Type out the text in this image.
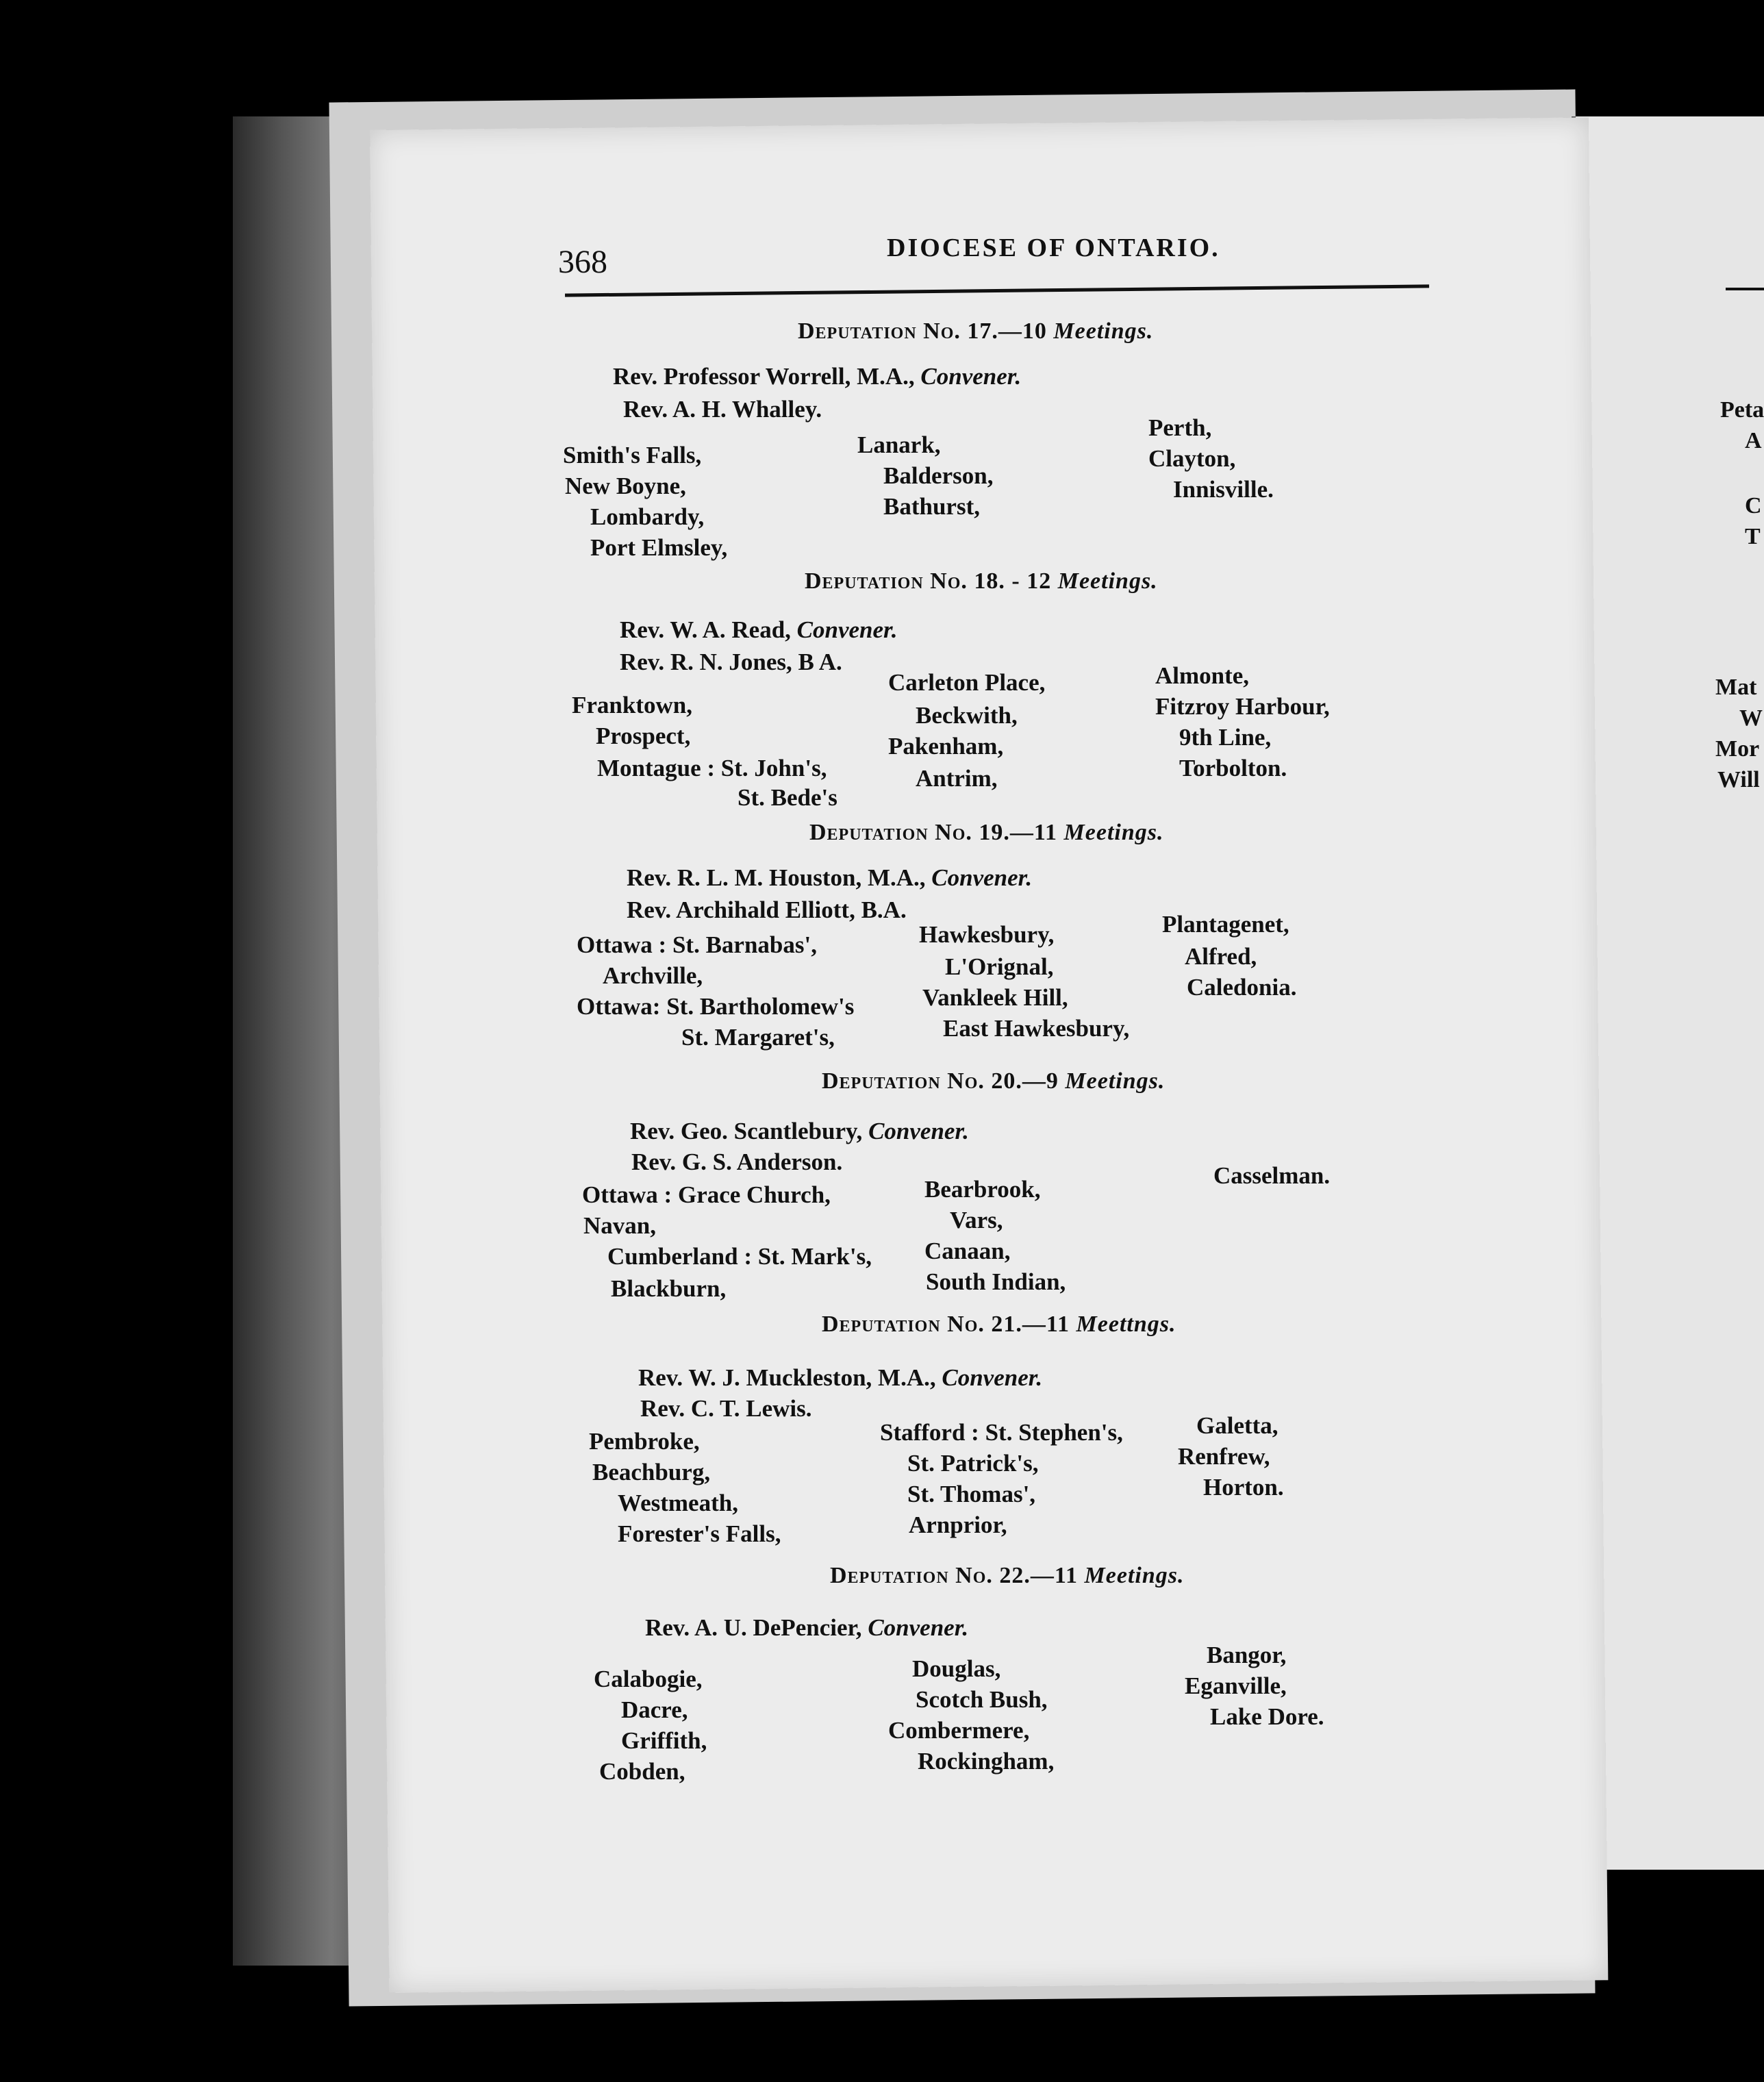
Peta
A
C
T
Mat
W
Mor
Will
368	DIOCESE OF ONTARIO.
Deputation No. 17.—10 Meetings.
Rev. Professor Worrell, M.A., Convener.
Rev. A. H. Whalley.
Smith's Falls,
New Boyne,
Lombardy,
Port Elmsley,
Lanark,
Balderson,
Bathurst,
Perth,
Clayton,
Innisville.
Deputation No. 18. - 12 Meetings.
Rev. W. A. Read, Convener.
Rev. R. N. Jones, B A.
Franktown,
Prospect,
Montague : St. John's,
St. Bede's
Carleton Place,
Beckwith,
Pakenham,
Antrim,
Almonte,
Fitzroy Harbour,
9th Line,
Torbolton.
Deputation No. 19.—11 Meetings.
Rev. R. L. M. Houston, M.A., Convener.
Rev. Archihald Elliott, B.A.
Ottawa : St. Barnabas',
Archville,
Ottawa: St. Bartholomew's
St. Margaret's,
Hawkesbury,
L'Orignal,
Vankleek Hill,
East Hawkesbury,
Plantagenet,
Alfred,
Caledonia.
Deputation No. 20.—9 Meetings.
Rev. Geo. Scantlebury, Convener.
Rev. G. S. Anderson.
Ottawa : Grace Church,
Navan,
Cumberland : St. Mark's,
Blackburn,
Bearbrook,
Vars,
Canaan,
South Indian,
Casselman.
Deputation No. 21.—11 Meettngs.
Rev. W. J. Muckleston, M.A., Convener.
Rev. C. T. Lewis.
Pembroke,
Beachburg,
Westmeath,
Forester's Falls,
Stafford : St. Stephen's,
St. Patrick's,
St. Thomas',
Arnprior,
Galetta,
Renfrew,
Horton.
Deputation No. 22.—11 Meetings.
Rev. A. U. DePencier, Convener.
Calabogie,
Dacre,
Griffith,
Cobden,
Douglas,
Scotch Bush,
Combermere,
Rockingham,
Bangor,
Eganville,
Lake Dore.
